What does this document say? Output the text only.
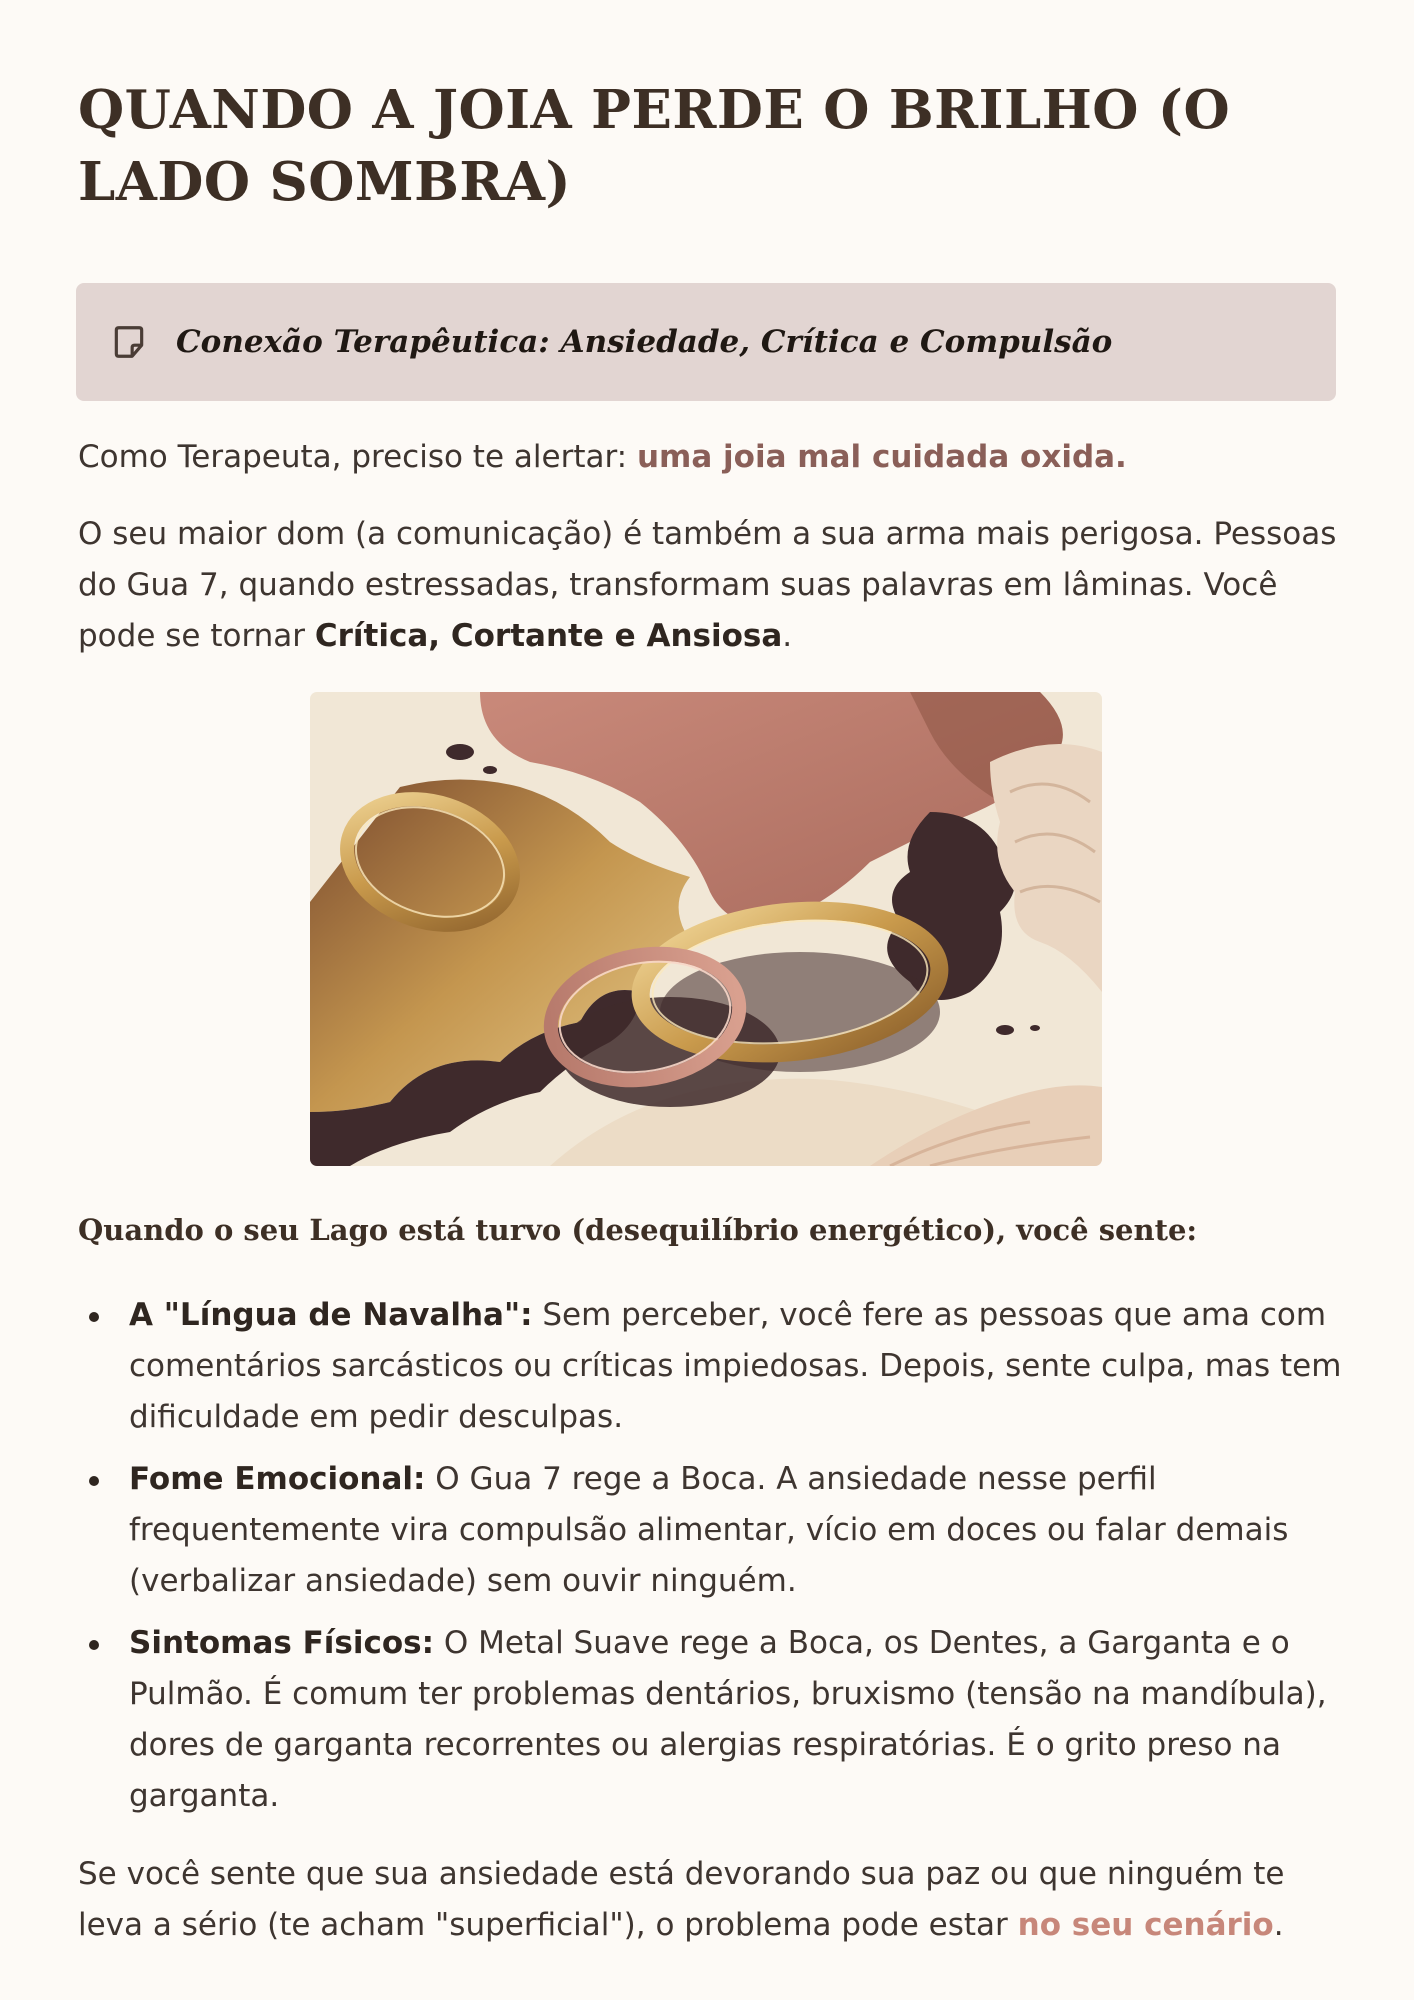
QUANDO A JOIA PERDE O BRILHO (O LADO SOMBRA)
Conexão Terapêutica: Ansiedade, Crítica e Compulsão

Como Terapeuta, preciso te alertar: uma joia mal cuidada oxida.

O seu maior dom (a comunicação) é também a sua arma mais perigosa. Pessoas do Gua 7, quando estressadas, transformam suas palavras em lâminas. Você pode se tornar Crítica, Cortante e Ansiosa.

Quando o seu Lago está turvo (desequilíbrio energético), você sente:
A "Língua de Navalha": Sem perceber, você fere as pessoas que ama com comentários sarcásticos ou críticas impiedosas. Depois, sente culpa, mas tem dificuldade em pedir desculpas.
Fome Emocional: O Gua 7 rege a Boca. A ansiedade nesse perfil frequentemente vira compulsão alimentar, vício em doces ou falar demais (verbalizar ansiedade) sem ouvir ninguém.
Sintomas Físicos: O Metal Suave rege a Boca, os Dentes, a Garganta e o Pulmão. É comum ter problemas dentários, bruxismo (tensão na mandíbula), dores de garganta recorrentes ou alergias respiratórias. É o grito preso na garganta.

Se você sente que sua ansiedade está devorando sua paz ou que ninguém te leva a sério (te acham "superficial"), o problema pode estar no seu cenário.
